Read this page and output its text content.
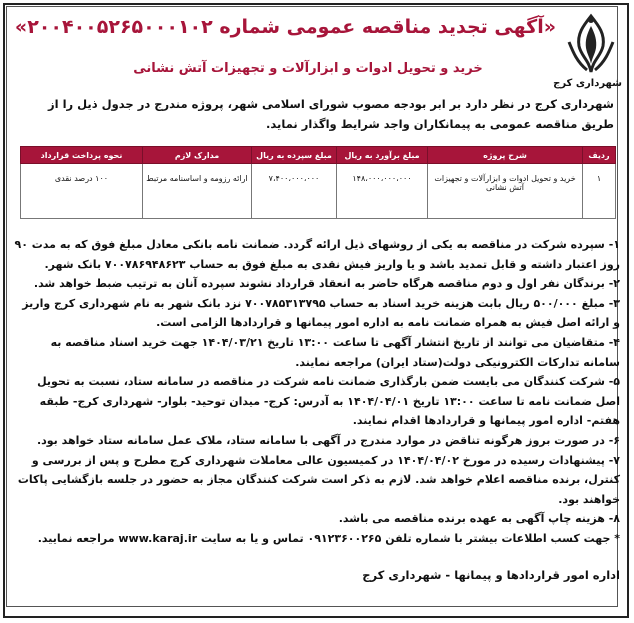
شهرداری کرج
«آگهی تجدید مناقصه عمومی شماره ۲۰۰۴۰۰۵۲۶۵۰۰۰۱۰۲»
خرید و تحویل ادوات و ابزارآلات و تجهیزات آتش نشانی
شهرداری کرج در نظر دارد بر ابر بودجه مصوب شورای اسلامی شهر، پروژه مندرج در جدول ذیل را از طریق مناقصه عمومی به پیمانکاران واجد شرایط واگذار نماید.
ردیف	شرح پروژه	مبلغ برآورد به ریال	مبلغ سپرده به ریال	مدارک لازم	نحوه پرداخت قرارداد
۱	خرید و تحویل ادوات و ابزارآلات و تجهیزات آتش نشانی	۱۴۸،۰۰۰،۰۰۰،۰۰۰	۷،۴۰۰،۰۰۰،۰۰۰	ارائه رزومه و اساسنامه مرتبط	۱۰۰ درصد نقدی

۱- سپرده شرکت در مناقصه به یکی از روشهای ذیل ارائه گردد. ضمانت نامه بانکی معادل مبلغ فوق که به مدت ۹۰ روز اعتبار داشته و قابل تمدید باشد و یا واریز فیش نقدی به مبلغ فوق به حساب ۷۰۰۷۸۶۹۴۸۶۲۳ بانک شهر.

۲- برندگان نفر اول و دوم مناقصه هرگاه حاضر به انعقاد قرارداد نشوند سپرده آنان به ترتیب ضبط خواهد شد.

۳- مبلغ ۵۰۰/۰۰۰ ریال بابت هزینه خرید اسناد به حساب ۷۰۰۷۸۵۳۱۳۷۹۵ نزد بانک شهر به نام شهرداری کرج واریز و ارائه اصل فیش به همراه ضمانت نامه به اداره امور پیمانها و قراردادها الزامی است.

۴- متقاضیان می توانند از تاریخ انتشار آگهی تا ساعت ۱۳:۰۰ تاریخ ۱۴۰۴/۰۳/۲۱ جهت خرید اسناد مناقصه به سامانه تدارکات الکترونیکی دولت(ستاد ایران) مراجعه نمایند.

۵- شرکت کنندگان می بایست ضمن بارگذاری ضمانت نامه شرکت در مناقصه در سامانه ستاد، نسبت به تحویل اصل ضمانت نامه تا ساعت ۱۳:۰۰ تاریخ ۱۴۰۴/۰۴/۰۱ به آدرس: کرج- میدان توحید- بلوار- شهرداری کرج- طبقه هفتم- اداره امور پیمانها و قراردادها اقدام نمایند.

۶- در صورت بروز هرگونه تناقض در موارد مندرج در آگهی با سامانه ستاد، ملاک عمل سامانه ستاد خواهد بود.

۷- پیشنهادات رسیده در مورخ ۱۴۰۴/۰۴/۰۲ در کمیسیون عالی معاملات شهرداری کرج مطرح و پس از بررسی و کنترل، برنده مناقصه اعلام خواهد شد. لازم به ذکر است شرکت کنندگان مجاز به حضور در جلسه بازگشایی پاکات خواهند بود.

۸- هزینه چاپ آگهی به عهده برنده مناقصه می باشد.

* جهت کسب اطلاعات بیشتر با شماره تلفن ۰۹۱۲۳۶۰۰۲۶۵ تماس و یا به سایت www.karaj.ir مراجعه نمایید.

اداره امور قراردادها و پیمانها - شهرداری کرج
